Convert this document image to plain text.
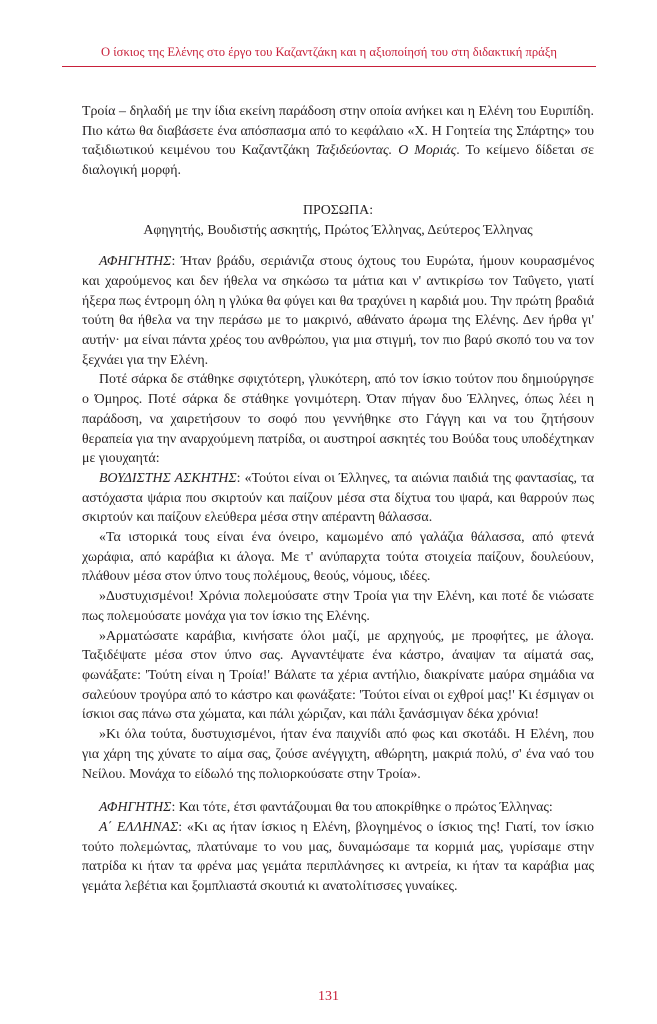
Ο ίσκιος της Ελένης στο έργο του Καζαντζάκη και η αξιοποίησή του στη διδακτική πράξη

Τροία – δηλαδή με την ίδια εκείνη παράδοση στην οποία ανήκει και η Ελένη του Ευριπίδη. Πιο κάτω θα διαβάσετε ένα απόσπασμα από το κεφάλαιο «Χ. Η Γοητεία της Σπάρτης» του ταξιδιωτικού κειμένου του Καζαντζάκη Ταξιδεύοντας. Ο Μοριάς. Το κείμενο δίδεται σε διαλογική μορφή.

ΠΡΟΣΩΠΑ:

Αφηγητής, Βουδιστής ασκητής, Πρώτος Έλληνας, Δεύτερος Έλληνας

ΑΦΗΓΗΤΗΣ: Ήταν βράδυ, σεριάνιζα στους όχτους του Ευρώτα, ήμουν κουρασμένος και χαρούμενος και δεν ήθελα να σηκώσω τα μάτια και ν' αντικρίσω τον Ταΰγετο, γιατί ήξερα πως έντρομη όλη η γλύκα θα φύγει και θα τραχύνει η καρδιά μου. Την πρώτη βραδιά τούτη θα ήθελα να την περάσω με το μακρινό, αθάνατο άρωμα της Ελένης. Δεν ήρθα γι' αυτήν· μα είναι πάντα χρέος του ανθρώπου, για μια στιγμή, τον πιο βαρύ σκοπό του να τον ξεχνάει για την Ελένη.

Ποτέ σάρκα δε στάθηκε σφιχτότερη, γλυκότερη, από τον ίσκιο τούτον που δημιούργησε ο Όμηρος. Ποτέ σάρκα δε στάθηκε γονιμότερη. Όταν πήγαν δυο Έλληνες, όπως λέει η παράδοση, να χαιρετήσουν το σοφό που γεννήθηκε στο Γάγγη και να του ζητήσουν θεραπεία για την αναρχούμενη πατρίδα, οι αυστηροί ασκητές του Βούδα τους υποδέχτηκαν με γιουχαητά:

ΒΟΥΔΙΣΤΗΣ ΑΣΚΗΤΗΣ: «Τούτοι είναι οι Έλληνες, τα αιώνια παιδιά της φαντασίας, τα αστόχαστα ψάρια που σκιρτούν και παίζουν μέσα στα δίχτυα του ψαρά, και θαρρούν πως σκιρτούν και παίζουν ελεύθερα μέσα στην απέραντη θάλασσα.

«Τα ιστορικά τους είναι ένα όνειρο, καμωμένο από γαλάζια θάλασσα, από φτενά χωράφια, από καράβια κι άλογα. Με τ' ανύπαρχτα τούτα στοιχεία παίζουν, δουλεύουν, πλάθουν μέσα στον ύπνο τους πολέμους, θεούς, νόμους, ιδέες.

»Δυστυχισμένοι! Χρόνια πολεμούσατε στην Τροία για την Ελένη, και ποτέ δε νιώσατε πως πολεμούσατε μονάχα για τον ίσκιο της Ελένης.

»Αρματώσατε καράβια, κινήσατε όλοι μαζί, με αρχηγούς, με προφήτες, με άλογα. Ταξιδέψατε μέσα στον ύπνο σας. Αγναντέψατε ένα κάστρο, άναψαν τα αίματά σας, φωνάξατε: 'Τούτη είναι η Τροία!' Βάλατε τα χέρια αντήλιο, διακρίνατε μαύρα σημάδια να σαλεύουν τρογύρα από το κάστρο και φωνάξατε: 'Τούτοι είναι οι εχθροί μας!' Κι έσμιγαν οι ίσκιοι σας πάνω στα χώματα, και πάλι χώριζαν, και πάλι ξανάσμιγαν δέκα χρόνια!

»Κι όλα τούτα, δυστυχισμένοι, ήταν ένα παιχνίδι από φως και σκοτάδι. Η Ελένη, που για χάρη της χύνατε το αίμα σας, ζούσε ανέγγιχτη, αθώρητη, μακριά πολύ, σ' ένα ναό του Νείλου. Μονάχα το είδωλό της πολιορκούσατε στην Τροία».

ΑΦΗΓΗΤΗΣ: Και τότε, έτσι φαντάζουμαι θα του αποκρίθηκε ο πρώτος Έλληνας:

Α΄ ΕΛΛΗΝΑΣ: «Κι ας ήταν ίσκιος η Ελένη, βλογημένος ο ίσκιος της! Γιατί, τον ίσκιο τούτο πολεμώντας, πλατύναμε το νου μας, δυναμώσαμε τα κορμιά μας, γυρίσαμε στην πατρίδα κι ήταν τα φρένα μας γεμάτα περιπλάνησες κι αντρεία, κι ήταν τα καράβια μας γεμάτα λεβέτια και ξομπλιαστά σκουτιά κι ανατολίτισσες γυναίκες.

131
